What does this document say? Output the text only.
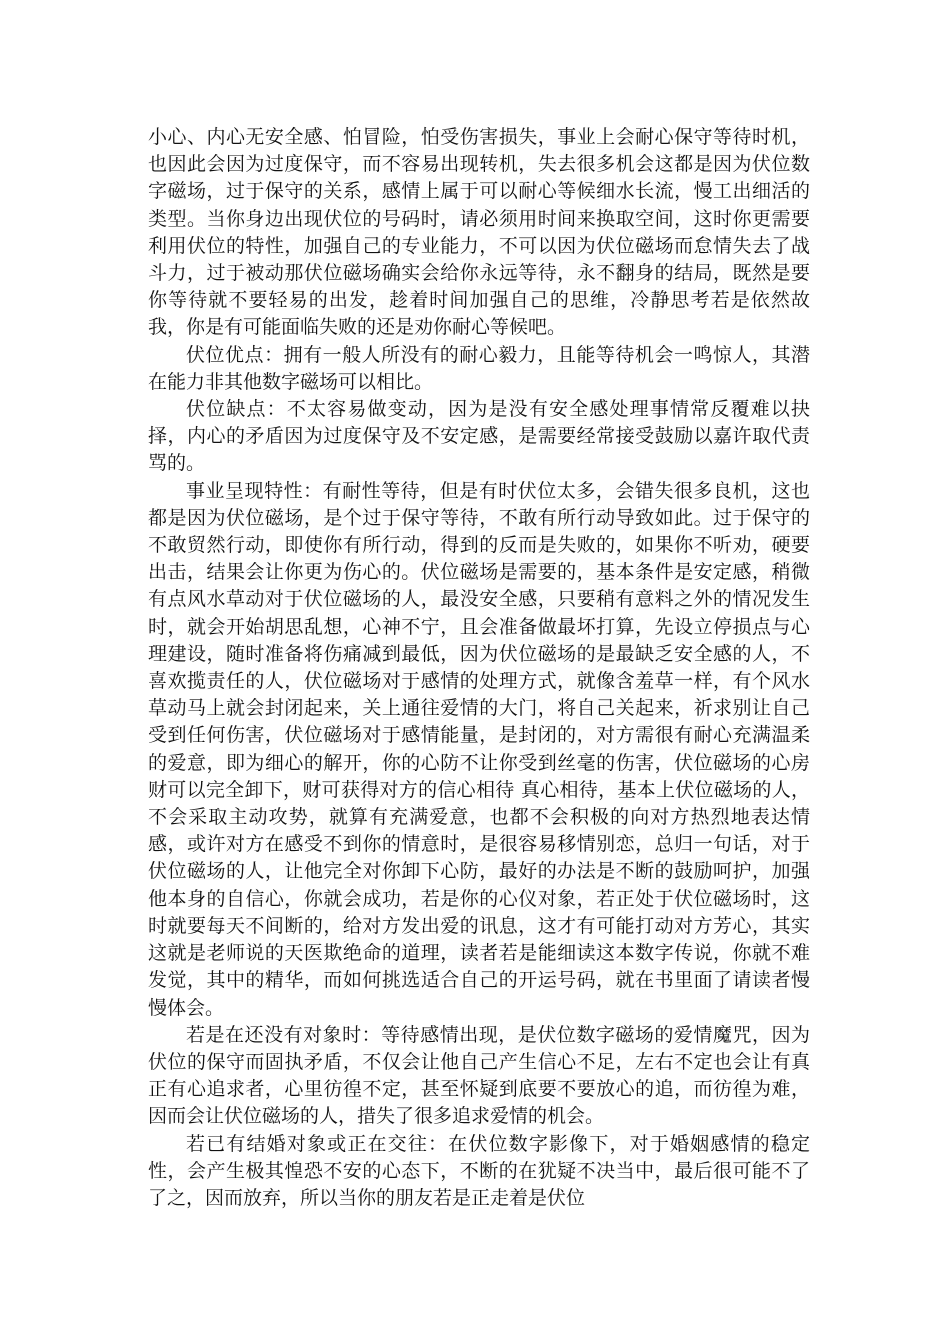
小心、内心无安全感、怕冒险，怕受伤害损失，事业上会耐心保守等待时机，也因此会因为过度保守，而不容易出现转机，失去很多机会这都是因为伏位数字磁场，过于保守的关系，感情上属于可以耐心等候细水长流，慢工出细活的类型。当你身边出现伏位的号码时，请必须用时间来换取空间，这时你更需要利用伏位的特性，加强自己的专业能力，不可以因为伏位磁场而怠情失去了战斗力，过于被动那伏位磁场确实会给你永远等待，永不翻身的结局，既然是要你等待就不要轻易的出发，趁着时间加强自己的思维，冷静思考若是依然故我，你是有可能面临失败的还是劝你耐心等候吧。

伏位优点：拥有一般人所没有的耐心毅力，且能等待机会一鸣惊人，其潜在能力非其他数字磁场可以相比。

伏位缺点：不太容易做变动，因为是没有安全感处理事情常反覆难以抉择，内心的矛盾因为过度保守及不安定感，是需要经常接受鼓励以嘉许取代责骂的。

事业呈现特性：有耐性等待，但是有时伏位太多，会错失很多良机，这也都是因为伏位磁场，是个过于保守等待，不敢有所行动导致如此。过于保守的不敢贸然行动，即使你有所行动，得到的反而是失败的，如果你不听劝，硬要出击，结果会让你更为伤心的。伏位磁场是需要的，基本条件是安定感，稍微有点风水草动对于伏位磁场的人，最没安全感，只要稍有意料之外的情况发生时，就会开始胡思乱想，心神不宁，且会准备做最坏打算，先设立停损点与心理建设，随时准备将伤痛减到最低，因为伏位磁场的是最缺乏安全感的人，不喜欢揽责任的人，伏位磁场对于感情的处理方式，就像含羞草一样，有个风水草动马上就会封闭起来，关上通往爱情的大门，将自己关起来，祈求别让自己受到任何伤害，伏位磁场对于感情能量，是封闭的，对方需很有耐心充满温柔的爱意，即为细心的解开，你的心防不让你受到丝毫的伤害，伏位磁场的心房财可以完全卸下，财可获得对方的信心相待 真心相待，基本上伏位磁场的人，不会采取主动攻势，就算有充满爱意，也都不会积极的向对方热烈地表达情感，或许对方在感受不到你的情意时，是很容易移情别恋，总归一句话，对于伏位磁场的人，让他完全对你卸下心防，最好的办法是不断的鼓励呵护，加强他本身的自信心，你就会成功，若是你的心仪对象，若正处于伏位磁场时，这时就要每天不间断的，给对方发出爱的讯息，这才有可能打动对方芳心，其实这就是老师说的天医欺绝命的道理，读者若是能细读这本数字传说，你就不难发觉，其中的精华，而如何挑选适合自己的开运号码，就在书里面了请读者慢慢体会。

若是在还没有对象时：等待感情出现，是伏位数字磁场的爱情魔咒，因为伏位的保守而固执矛盾，不仅会让他自己产生信心不足，左右不定也会让有真正有心追求者，心里彷徨不定，甚至怀疑到底要不要放心的追，而彷徨为难，因而会让伏位磁场的人，措失了很多追求爱情的机会。

若已有结婚对象或正在交往：在伏位数字影像下，对于婚姻感情的稳定性，会产生极其惶恐不安的心态下，不断的在犹疑不决当中，最后很可能不了了之，因而放弃，所以当你的朋友若是正走着是伏位
